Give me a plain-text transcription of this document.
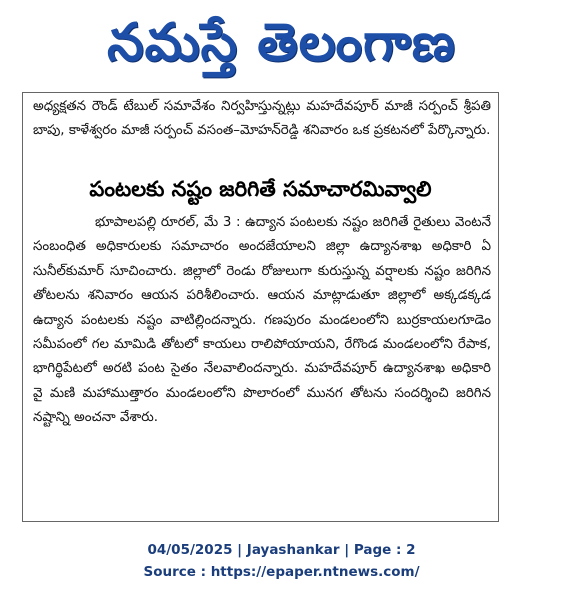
నమస్తే తెలంగాణ

అధ్యక్షతన రౌండ్ టేబుల్ సమావేశం నిర్వహిస్తున్నట్లు మహదేవపూర్ మాజీ సర్పంచ్ శ్రీపతి బాపు, కాళేశ్వరం మాజీ సర్పంచ్ వసంత–మోహన్‌రెడ్డి శనివారం ఒక ప్రకటనలో పేర్కొన్నారు.

పంటలకు నష్టం జరిగితే సమాచారమివ్వాలి

భూపాలపల్లి రూరల్, మే 3 : ఉద్యాన పంటలకు నష్టం జరిగితే రైతులు వెంటనే సంబంధిత అధికారులకు సమాచారం అందజేయాలని జిల్లా ఉద్యానశాఖ అధికారి ఏ సునీల్‌కుమార్ సూచించారు. జిల్లాలో రెండు రోజులుగా కురుస్తున్న వర్షాలకు నష్టం జరిగిన తోటలను శనివారం ఆయన పరిశీలించారు. ఆయన మాట్లాడుతూ జిల్లాలో అక్కడక్కడ ఉద్యాన పంటలకు నష్టం వాటిల్లిందన్నారు. గణపురం మండలంలోని బుర్రకాయలగూడెం సమీపంలో గల మామిడి తోటలో కాయలు రాలిపోయాయని, రేగొండ మండలంలోని రేపాక, భాగిర్థిపేటలో అరటి పంట సైతం నేలవాలిందన్నారు. మహదేవపూర్ ఉద్యానశాఖ అధికారి వై మణి మహాముత్తారం మండలంలోని పొలారంలో మునగ తోటను సందర్శించి జరిగిన నష్టాన్ని అంచనా వేశారు.

04/05/2025 | Jayashankar | Page : 2
Source : https://epaper.ntnews.com/
